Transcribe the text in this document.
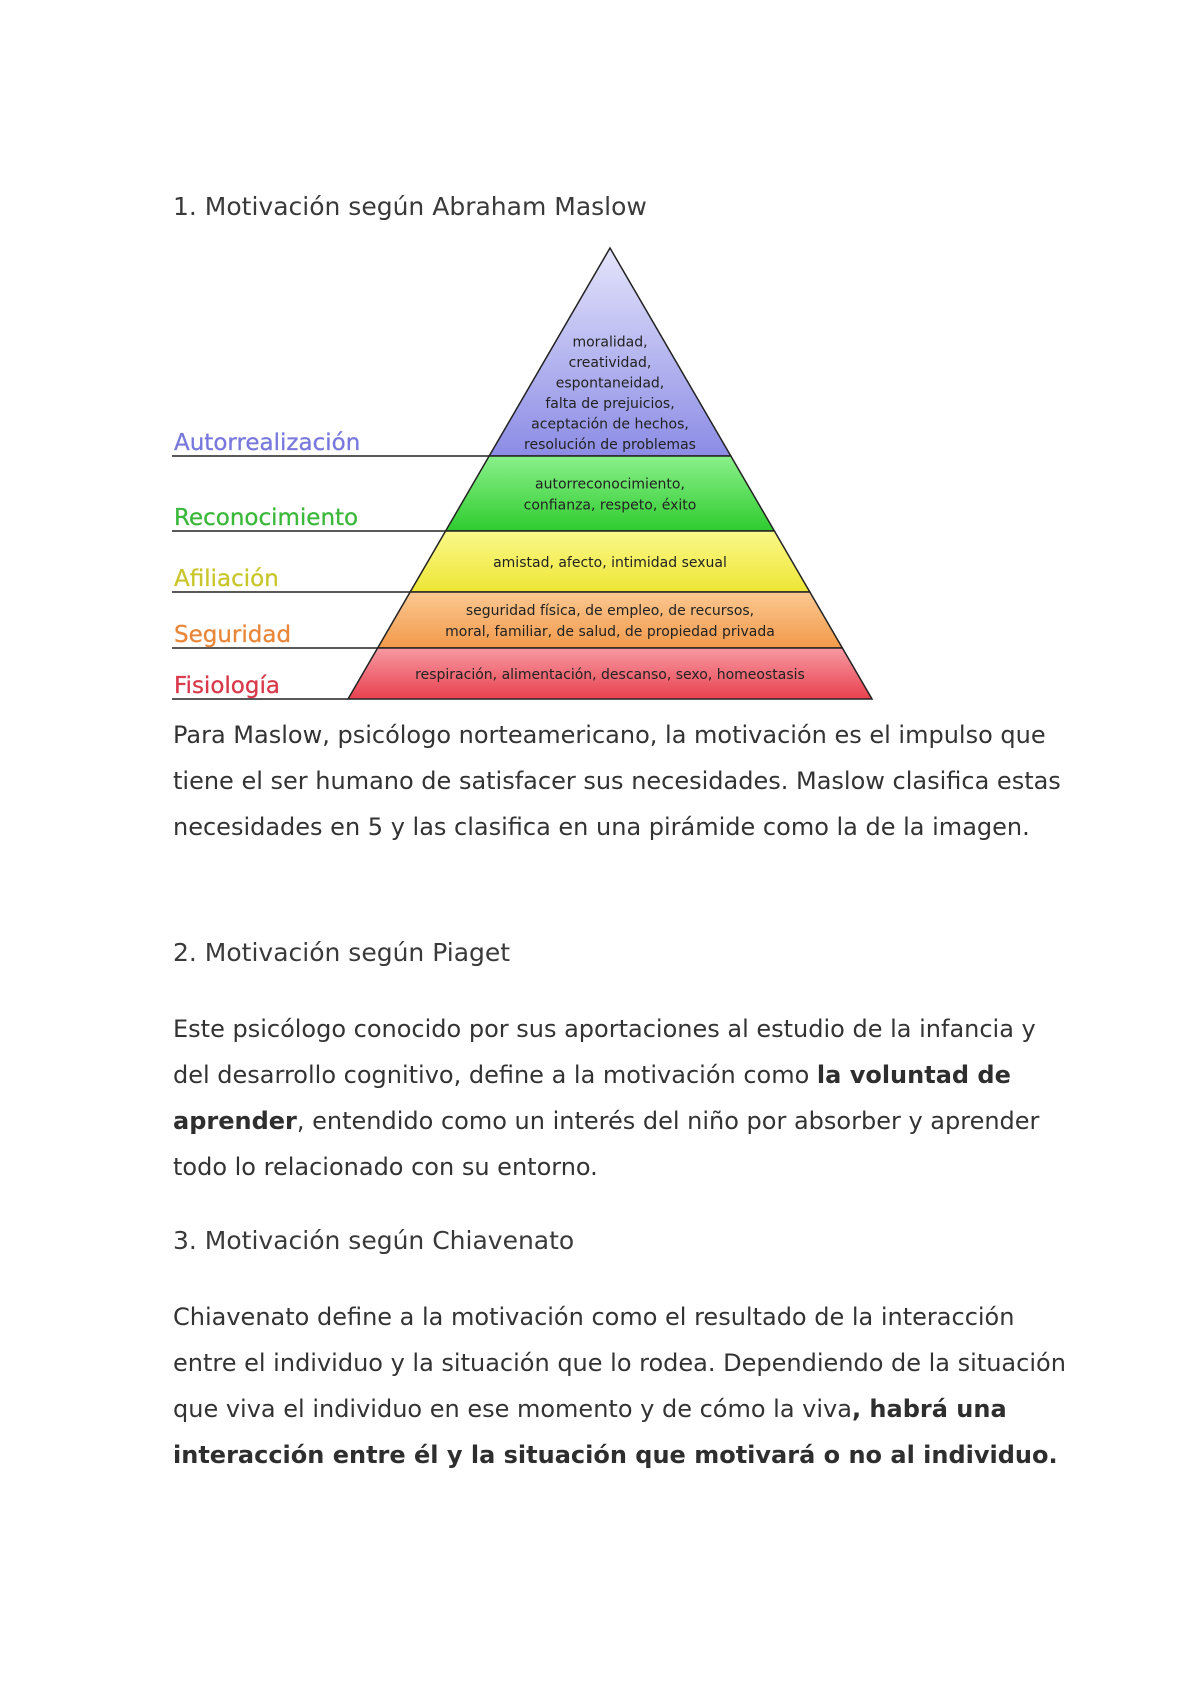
1. Motivación según Abraham Maslow
Autorrealización
moralidad,
creatividad,
espontaneidad,
falta de prejuicios,
aceptación de hechos,
resolución de problemas
Reconocimiento
autorreconocimiento,
confianza, respeto, éxito
Afiliación
amistad, afecto, intimidad sexual
Seguridad
seguridad física, de empleo, de recursos,
moral, familiar, de salud, de propiedad privada
Fisiología	respiración, alimentación, descanso, sexo, homeostasis

Para Maslow, psicólogo norteamericano, la motivación es el impulso que tiene el ser humano de satisfacer sus necesidades. Maslow clasifica estas necesidades en 5 y las clasifica en una pirámide como la de la imagen.

2. Motivación según Piaget

Este psicólogo conocido por sus aportaciones al estudio de la infancia y del desarrollo cognitivo, define a la motivación como la voluntad de aprender, entendido como un interés del niño por absorber y aprender todo lo relacionado con su entorno.

3. Motivación según Chiavenato

Chiavenato define a la motivación como el resultado de la interacción entre el individuo y la situación que lo rodea. Dependiendo de la situación que viva el individuo en ese momento y de cómo la viva, habrá una interacción entre él y la situación que motivará o no al individuo.
